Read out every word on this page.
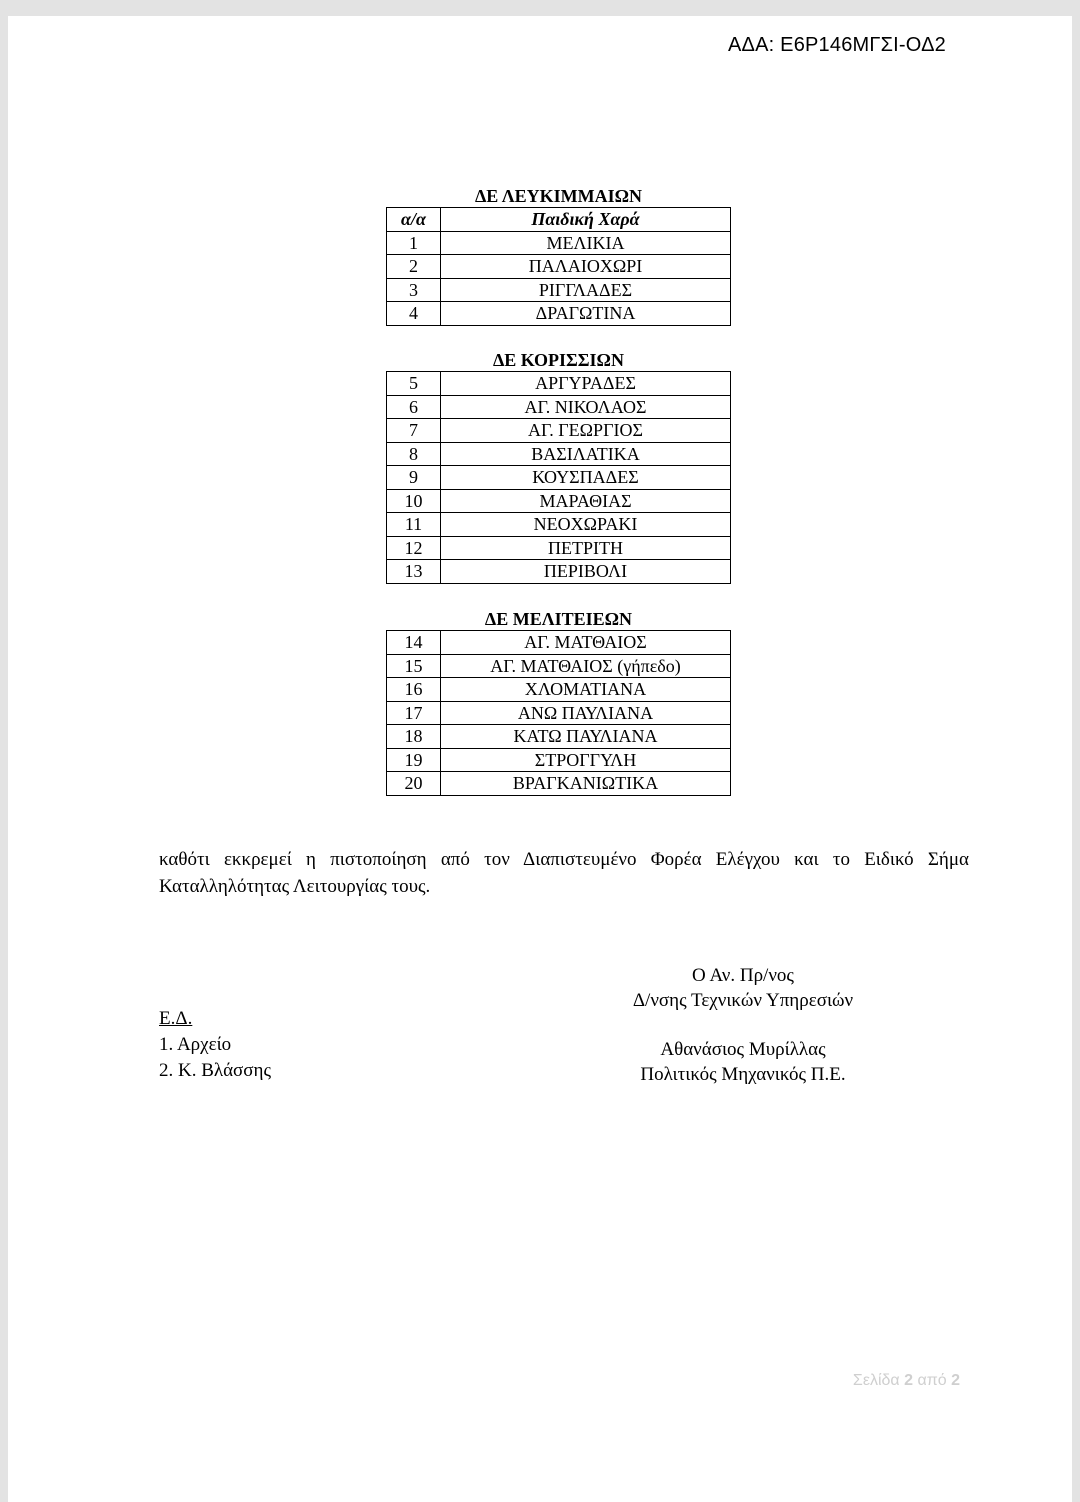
ΑΔΑ: Ε6Ρ146ΜΓΣΙ-ΟΔ2
ΔΕ ΛΕΥΚΙΜΜΑΙΩΝ
α/α	Παιδική Χαρά
1	ΜΕΛΙΚΙΑ
2	ΠΑΛΑΙΟΧΩΡΙ
3	ΡΙΓΓΛΑΔΕΣ
4	ΔΡΑΓΩΤΙΝΑ
ΔΕ ΚΟΡΙΣΣΙΩΝ
5	ΑΡΓΥΡΑΔΕΣ
6	ΑΓ. ΝΙΚΟΛΑΟΣ
7	ΑΓ. ΓΕΩΡΓΙΟΣ
8	ΒΑΣΙΛΑΤΙΚΑ
9	ΚΟΥΣΠΑΔΕΣ
10	ΜΑΡΑΘΙΑΣ
11	ΝΕΟΧΩΡΑΚΙ
12	ΠΕΤΡΙΤΗ
13	ΠΕΡΙΒΟΛΙ
ΔΕ ΜΕΛΙΤΕΙΕΩΝ
14	ΑΓ. ΜΑΤΘΑΙΟΣ
15	ΑΓ. ΜΑΤΘΑΙΟΣ (γήπεδο)
16	ΧΛΟΜΑΤΙΑΝΑ
17	ΑΝΩ ΠΑΥΛΙΑΝΑ
18	ΚΑΤΩ ΠΑΥΛΙΑΝΑ
19	ΣΤΡΟΓΓΥΛΗ
20	ΒΡΑΓΚΑΝΙΩΤΙΚΑ
καθότι εκκρεμεί η πιστοποίηση από τον Διαπιστευμένο Φορέα Ελέγχου και το Ειδικό Σήμα Καταλληλότητας Λειτουργίας τους.
Ο Αν. Πρ/νος
Δ/νσης Τεχνικών Υπηρεσιών
Αθανάσιος Μυρίλλας
Πολιτικός Μηχανικός Π.Ε.
Ε.Δ.
1. Αρχείο
2. Κ. Βλάσσης
Σελίδα 2 από 2
